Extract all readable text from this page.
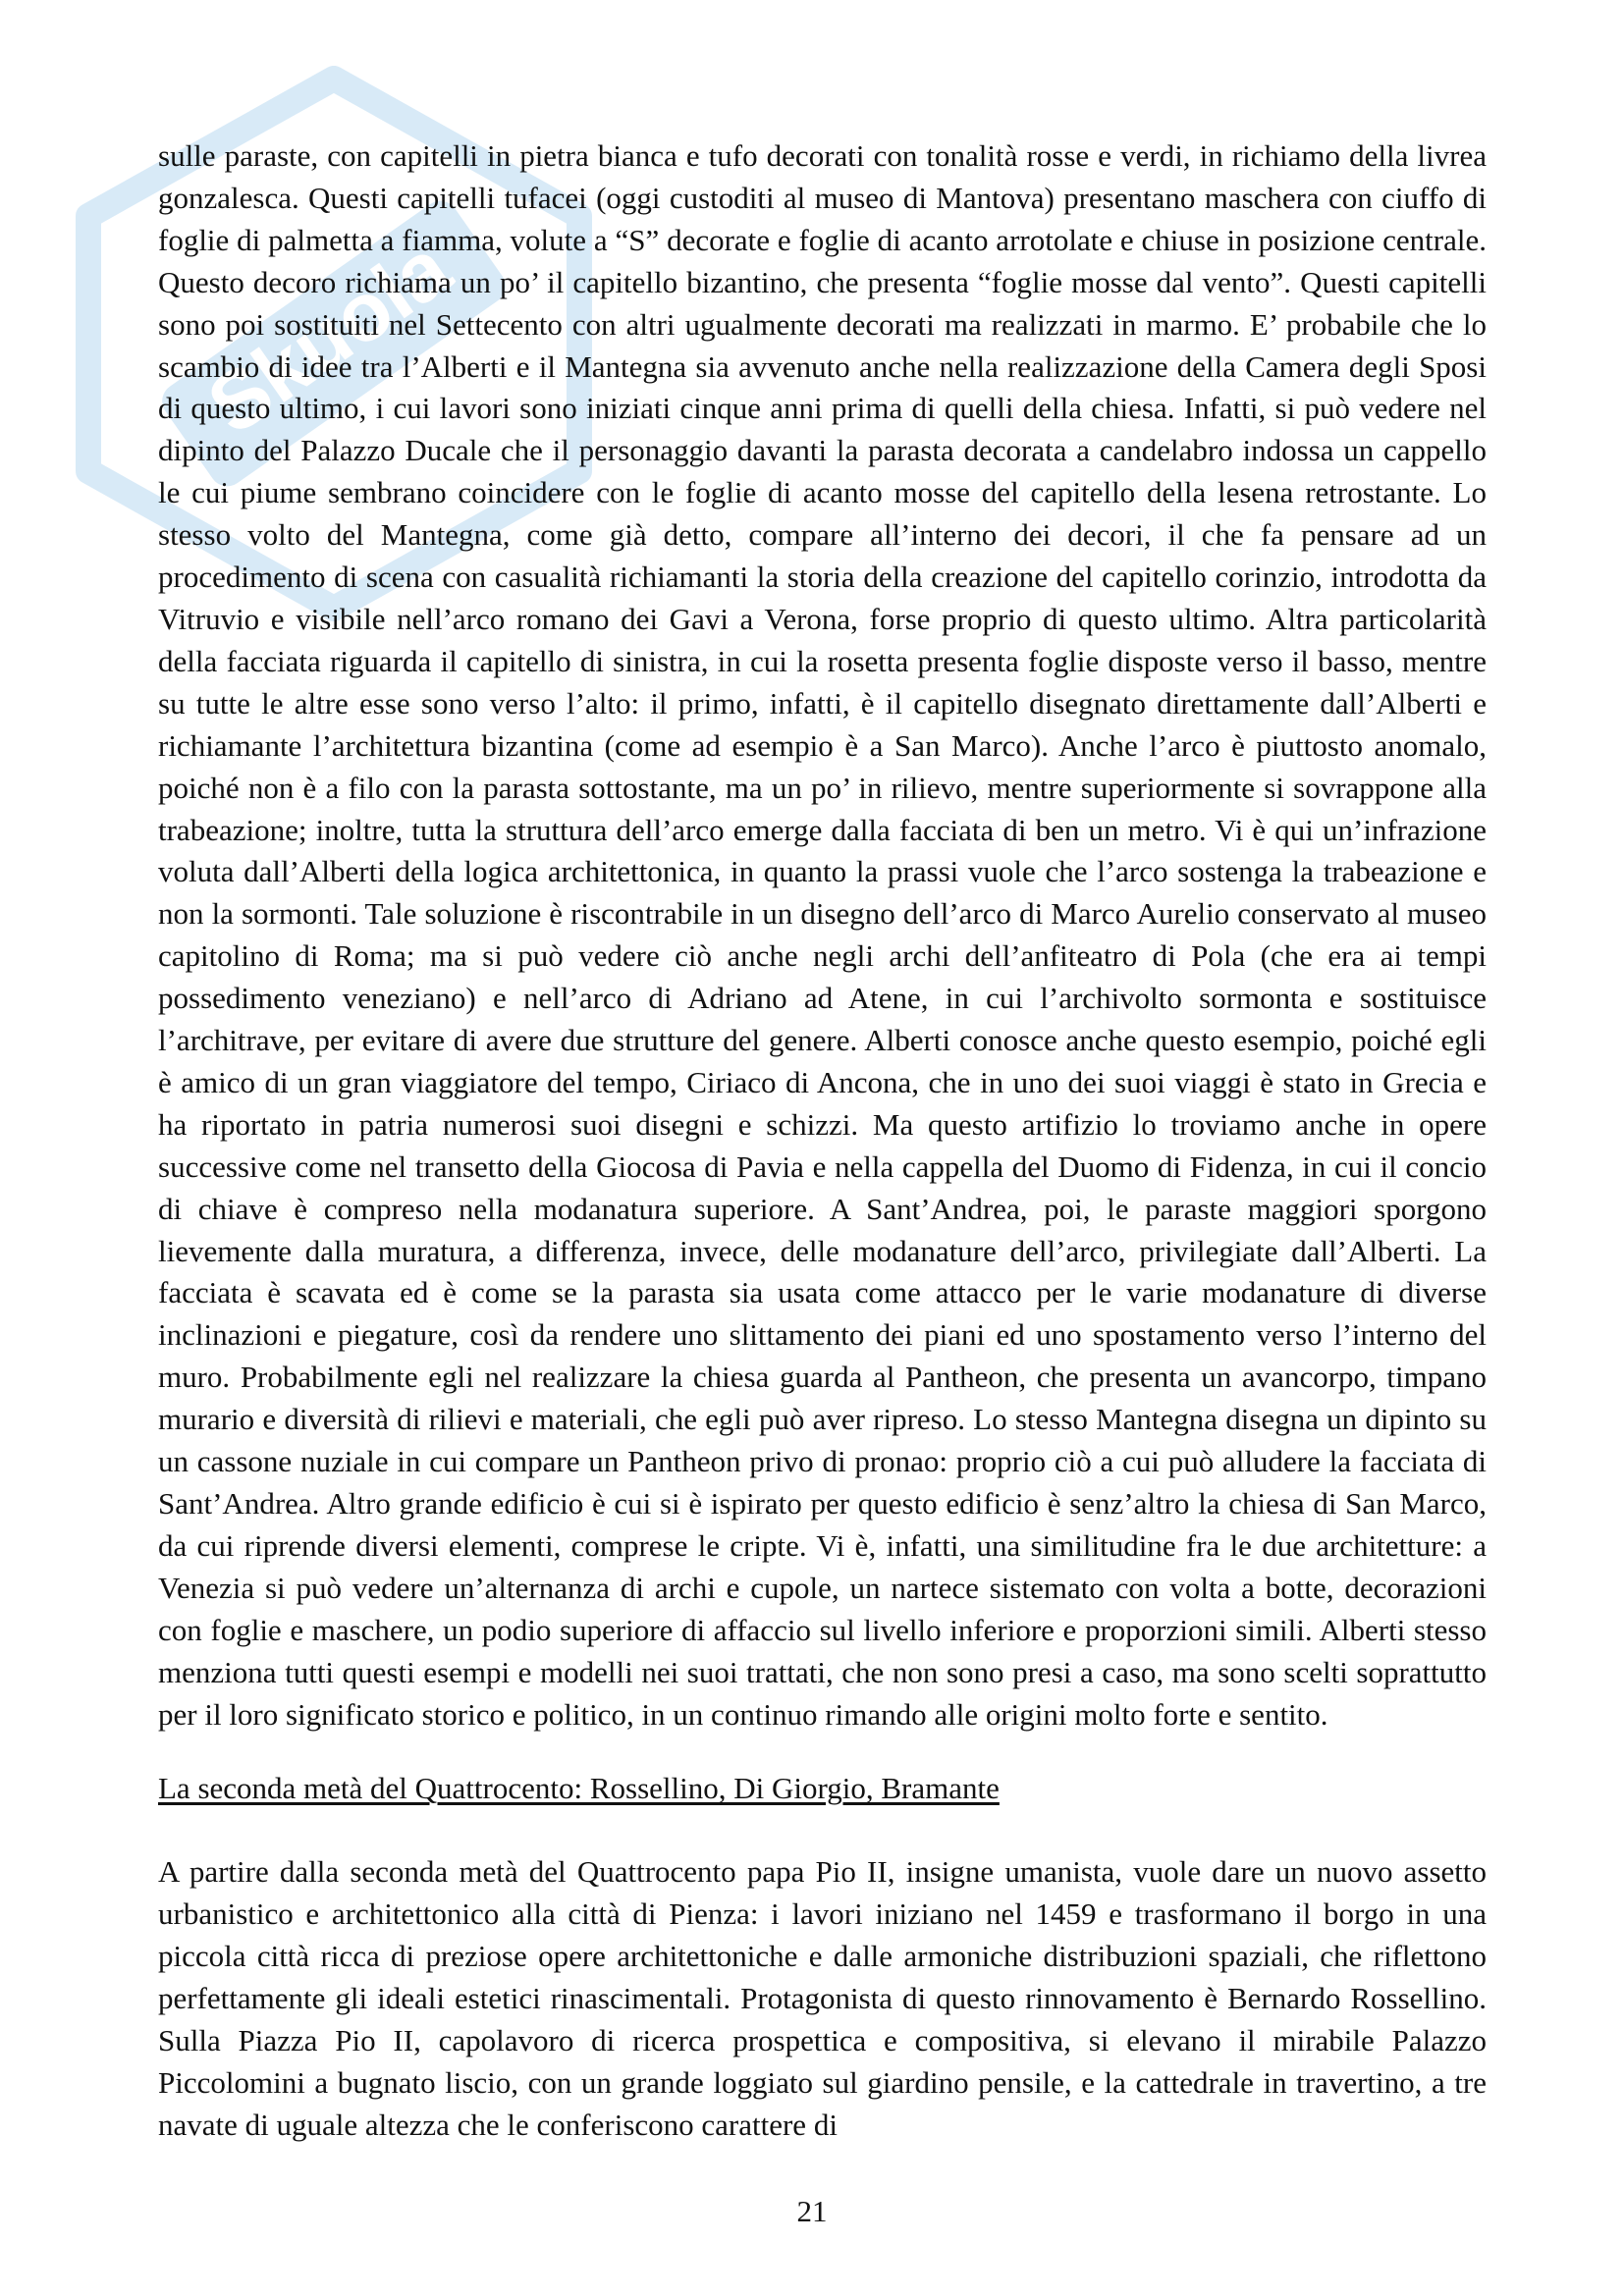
Skuola

sulle paraste, con capitelli in pietra bianca e tufo decorati con tonalità rosse e verdi, in richiamo della livrea gonzalesca. Questi capitelli tufacei (oggi custoditi al museo di Mantova) presentano maschera con ciuffo di foglie di palmetta a fiamma, volute a “S” decorate e foglie di acanto arrotolate e chiuse in posizione centrale. Questo decoro richiama un po’ il capitello bizantino, che presenta “foglie mosse dal vento”. Questi capitelli sono poi sostituiti nel Settecento con altri ugualmente decorati ma realizzati in marmo. E’ probabile che lo scambio di idee tra l’Alberti e il Mantegna sia avvenuto anche nella realizzazione della Camera degli Sposi di questo ultimo, i cui lavori sono iniziati cinque anni prima di quelli della chiesa. Infatti, si può vedere nel dipinto del Palazzo Ducale che il personaggio davanti la parasta decorata a candelabro indossa un cappello le cui piume sembrano coincidere con le foglie di acanto mosse del capitello della lesena retrostante. Lo stesso volto del Mantegna, come già detto, compare all’interno dei decori, il che fa pensare ad un procedimento di scena con casualità richiamanti la storia della creazione del capitello corinzio, introdotta da Vitruvio e visibile nell’arco romano dei Gavi a Verona, forse proprio di questo ultimo. Altra particolarità della facciata riguarda il capitello di sinistra, in cui la rosetta presenta foglie disposte verso il basso, mentre su tutte le altre esse sono verso l’alto: il primo, infatti, è il capitello disegnato direttamente dall’Alberti e richiamante l’architettura bizantina (come ad esempio è a San Marco). Anche l’arco è piuttosto anomalo, poiché non è a filo con la parasta sottostante, ma un po’ in rilievo, mentre superiormente si sovrappone alla trabeazione; inoltre, tutta la struttura dell’arco emerge dalla facciata di ben un metro. Vi è qui un’infrazione voluta dall’Alberti della logica architettonica, in quanto la prassi vuole che l’arco sostenga la trabeazione e non la sormonti. Tale soluzione è riscontrabile in un disegno dell’arco di Marco Aurelio conservato al museo capitolino di Roma; ma si può vedere ciò anche negli archi dell’anfiteatro di Pola (che era ai tempi possedimento veneziano) e nell’arco di Adriano ad Atene, in cui l’archivolto sormonta e sostituisce l’architrave, per evitare di avere due strutture del genere. Alberti conosce anche questo esempio, poiché egli è amico di un gran viaggiatore del tempo, Ciriaco di Ancona, che in uno dei suoi viaggi è stato in Grecia e ha riportato in patria numerosi suoi disegni e schizzi. Ma questo artifizio lo troviamo anche in opere successive come nel transetto della Giocosa di Pavia e nella cappella del Duomo di Fidenza, in cui il concio di chiave è compreso nella modanatura superiore. A Sant’Andrea, poi, le paraste maggiori sporgono lievemente dalla muratura, a differenza, invece, delle modanature dell’arco, privilegiate dall’Alberti. La facciata è scavata ed è come se la parasta sia usata come attacco per le varie modanature di diverse inclinazioni e piegature, così da rendere uno slittamento dei piani ed uno spostamento verso l’interno del muro. Probabilmente egli nel realizzare la chiesa guarda al Pantheon, che presenta un avancorpo, timpano murario e diversità di rilievi e materiali, che egli può aver ripreso. Lo stesso Mantegna disegna un dipinto su un cassone nuziale in cui compare un Pantheon privo di pronao: proprio ciò a cui può alludere la facciata di Sant’Andrea. Altro grande edificio è cui si è ispirato per questo edificio è senz’altro la chiesa di San Marco, da cui riprende diversi elementi, comprese le cripte. Vi è, infatti, una similitudine fra le due architetture: a Venezia si può vedere un’alternanza di archi e cupole, un nartece sistemato con volta a botte, decorazioni con foglie e maschere, un podio superiore di affaccio sul livello inferiore e proporzioni simili. Alberti stesso menziona tutti questi esempi e modelli nei suoi trattati, che non sono presi a caso, ma sono scelti soprattutto per il loro significato storico e politico, in un continuo rimando alle origini molto forte e sentito.

La seconda metà del Quattrocento: Rossellino, Di Giorgio, Bramante

A partire dalla seconda metà del Quattrocento papa Pio II, insigne umanista, vuole dare un nuovo assetto urbanistico e architettonico alla città di Pienza: i lavori iniziano nel 1459 e trasformano il borgo in una piccola città ricca di preziose opere architettoniche e dalle armoniche distribuzioni spaziali, che riflettono perfettamente gli ideali estetici rinascimentali. Protagonista di questo rinnovamento è Bernardo Rossellino. Sulla Piazza Pio II, capolavoro di ricerca prospettica e compositiva, si elevano il mirabile Palazzo Piccolomini a bugnato liscio, con un grande loggiato sul giardino pensile, e la cattedrale in travertino, a tre navate di uguale altezza che le conferiscono carattere di

21
